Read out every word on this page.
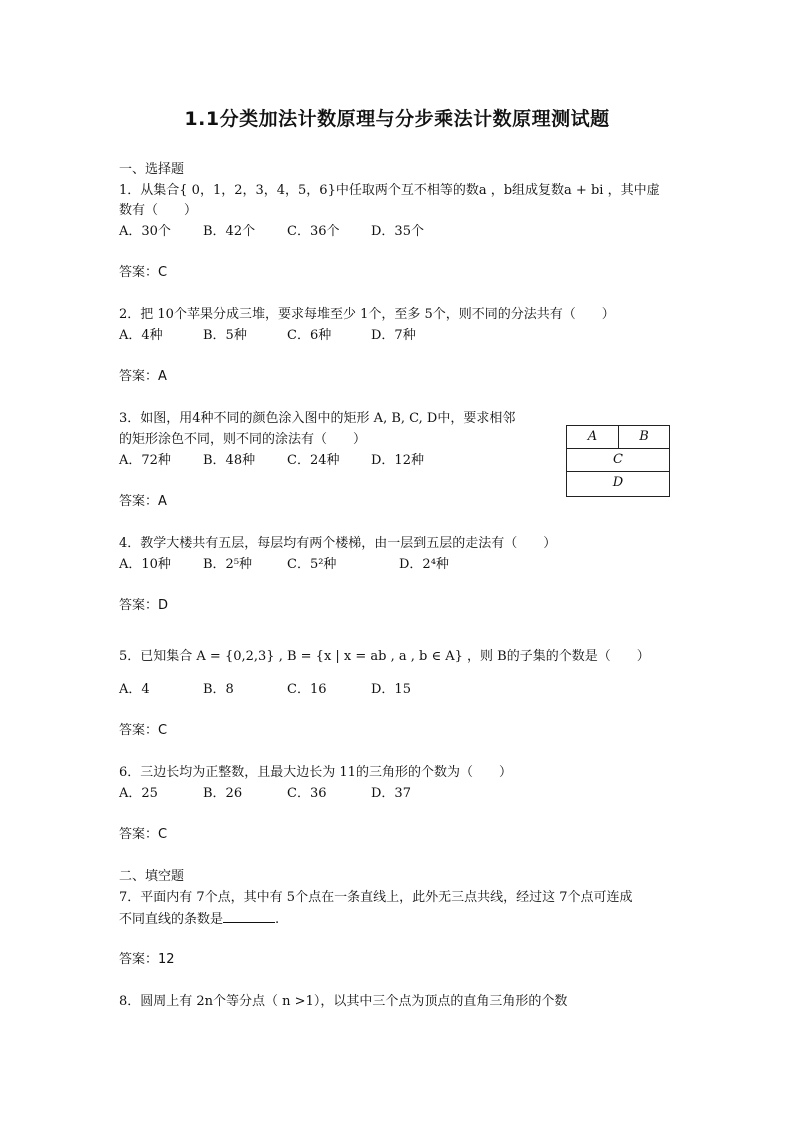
1.1分类加法计数原理与分步乘法计数原理测试题
一、选择题
1．从集合{ 0，1，2，3，4，5，6}中任取两个互不相等的数a ，b组成复数a + bi ，其中虚
数有（　　）
A．30个 B．42个 C．36个 D．35个
答案：C
2．把 10个苹果分成三堆，要求每堆至少 1个，至多 5个，则不同的分法共有（　　）
A．4种	B．5种	C．6种	D．7种
答案：A
3．如图，用4种不同的颜色涂入图中的矩形 A, B, C, D中，要求相邻
的矩形涂色不同，则不同的涂法有（　　）
A．72种 B．48种 C．24种 D．12种
答案：A
A	B
C
D
4．教学大楼共有五层，每层均有两个楼梯，由一层到五层的走法有（　　）
A．10种 B．2⁵种	C．5²种	D．2⁴种
答案：D
5．已知集合 A = {0,2,3} , B = {x | x = ab , a , b ∈ A} ，则 B的子集的个数是（　　）
A．4	B．8	C．16	D．15
答案：C
6．三边长均为正整数，且最大边长为 11的三角形的个数为（　　）
A．25	B．26	C．36	D．37
答案：C
二、填空题
7．平面内有 7个点，其中有 5个点在一条直线上，此外无三点共线，经过这 7个点可连成
不同直线的条数是	.
答案：12
8．圆周上有 2n个等分点（ n >1），以其中三个点为顶点的直角三角形的个数
